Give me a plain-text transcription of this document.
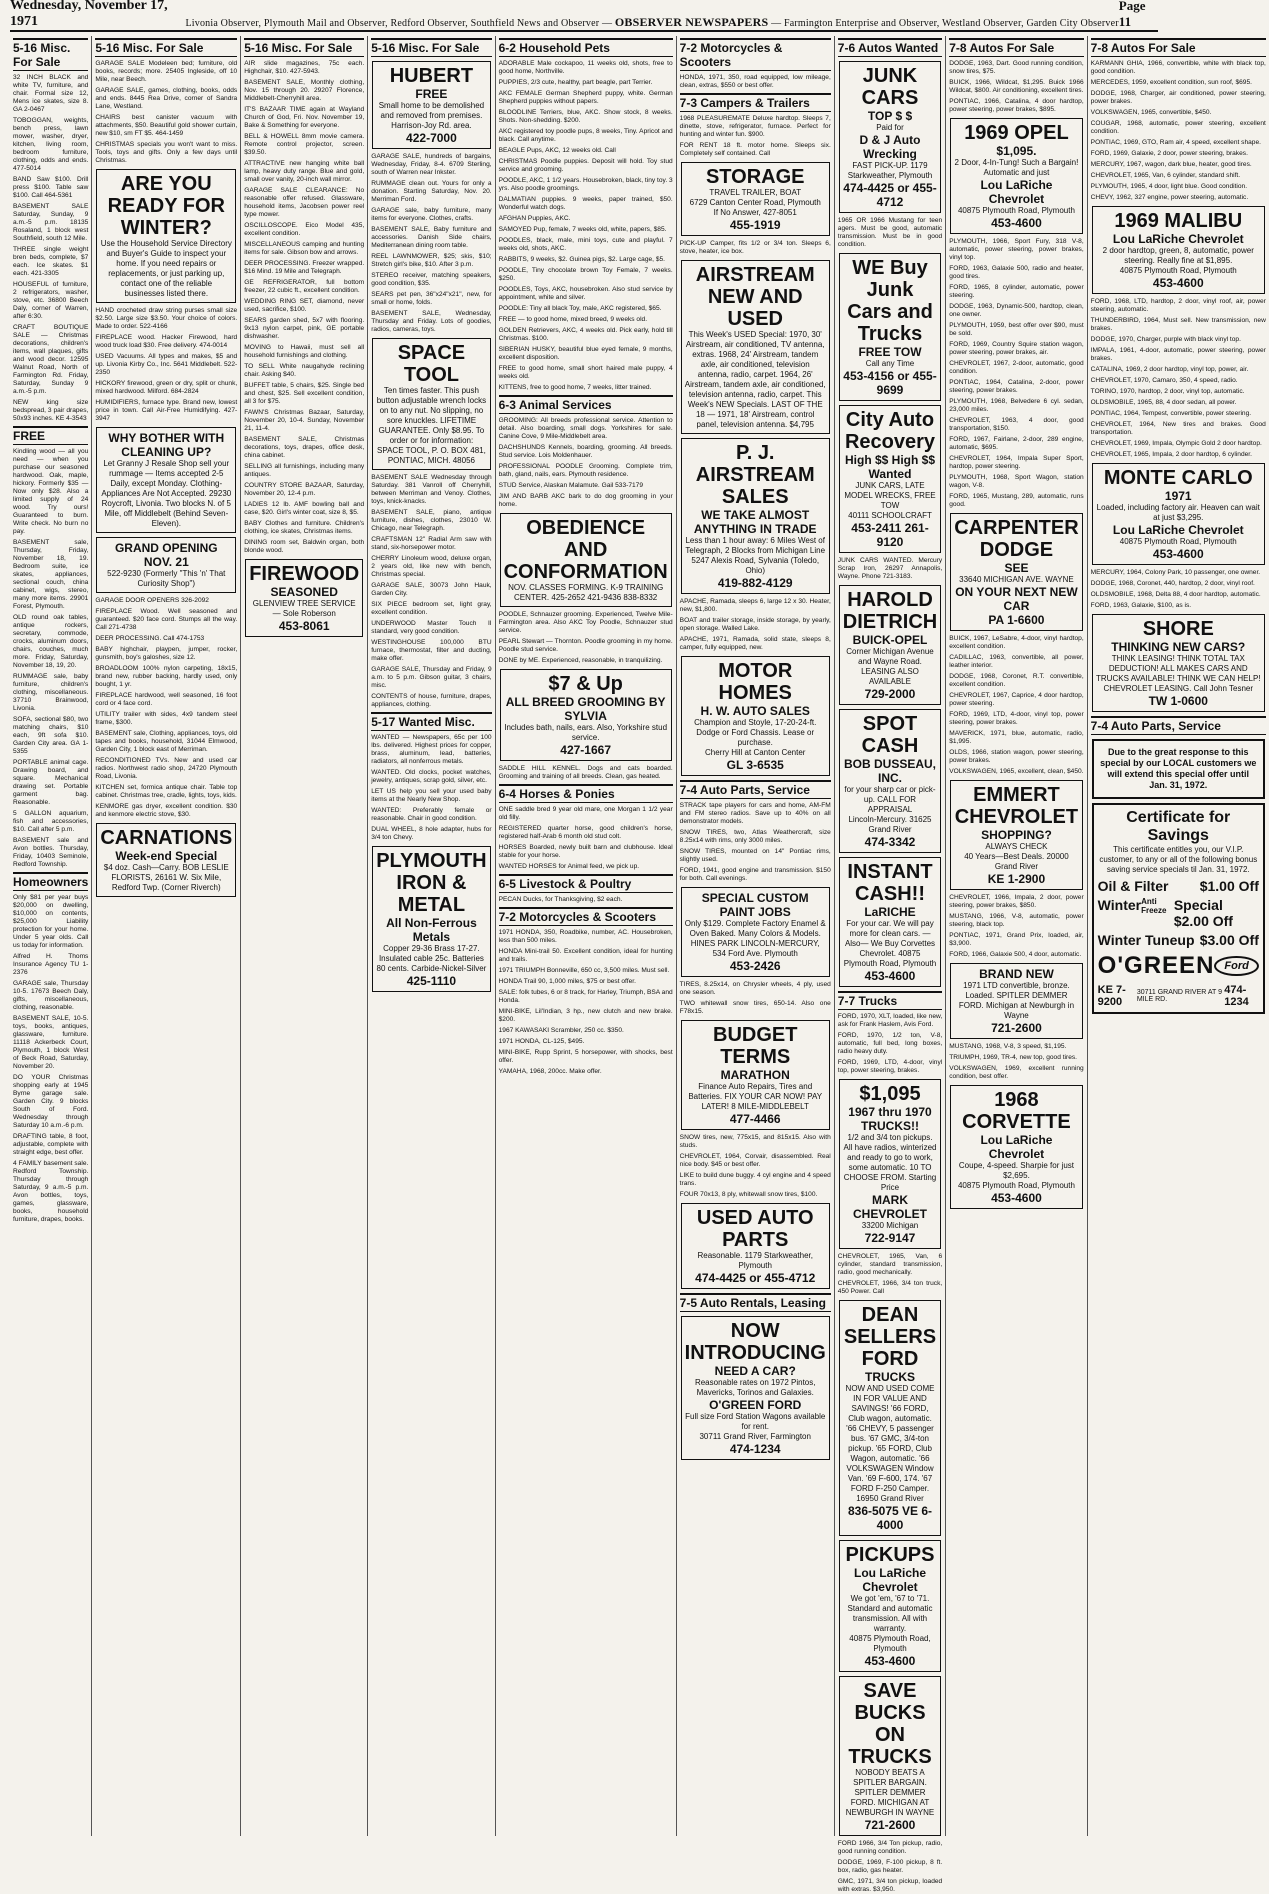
Wednesday, November 17, 1971	Livonia Observer, Plymouth Mail and Observer, Redford Observer, Southfield News and Observer — OBSERVER NEWSPAPERS — Farmington Enterprise and Observer, Westland Observer, Garden City Observer
Page 11
5-16 Misc. For Sale

32 INCH BLACK and white TV, furniture, and chair. Formal size 12, Mens ice skates, size 8. GA 2-0467

TOBOGGAN, weights, bench press, lawn mower, washer, dryer, kitchen, living room, bedroom furniture, clothing, odds and ends. 477-5014

BAND Saw $100. Drill press $100. Table saw $100. Call 464-5361

BASEMENT SALE Saturday, Sunday, 9 a.m.-5 p.m. 18135 Rosaland, 1 block west Southfield, south 12 Mile.

THREE single weight bren beds, complete, $7 each. Ice skates. $1 each. 421-3305

HOUSEFUL of furniture, 2 refrigerators, washer, stove, etc. 36800 Beech Daly, corner of Warren, after 6:30.

CRAFT BOUTIQUE SALE — Christmas decorations, children's items, wall plaques, gifts and wood decor. 12595 Walnut Road, North of Farmington Rd. Friday, Saturday, Sunday 9 a.m.-5 p.m.

NEW king size bedspread, 3 pair drapes, 50x93 inches. KE 4-3543

FREE

Kindling wood — all you need — when you purchase our seasoned hardwood. Oak, maple, hickory. Formerly $35 — Now only $28. Also a limited supply of 24 wood. Try ours! Guaranteed to burn. Write check. No burn no pay.

BASEMENT sale, Thursday, Friday, November 18, 19. Bedroom suite, ice skates, appliances, sectional couch, china cabinet, wigs, stereo, many more items. 29901 Forest, Plymouth.

OLD round oak tables, antique rockers, secretary, commode, crocks, aluminum doors, chairs, couches, much more. Friday, Saturday, November 18, 19, 20.

RUMMAGE sale, baby furniture, children's clothing, miscellaneous. 37710 Brainwood, Livonia.

SOFA, sectional $80, two matching chairs, $10 each, 9ft sofa $10. Garden City area. GA 1-5355

PORTABLE animal cage. Drawing board, and square. Mechanical drawing set. Portable garment bag. Reasonable.

5 GALLON aquarium, fish and accessories, $10. Call after 5 p.m.

BASEMENT sale and Avon bottles. Thursday, Friday, 10403 Seminole, Redford Township.

Homeowners

Only $81 per year buys $20,000 on dwelling, $10,000 on contents, $25,000 Liability protection for your home. Under 5 year olds. Call us today for information.

Alfred H. Thoms Insurance Agency TU 1-2376

GARAGE sale, Thursday 10-5. 17673 Beech Daly, gifts, miscellaneous, clothing, reasonable.

BASEMENT SALE, 10-5. toys, books, antiques, glassware, furniture. 11118 Ackerbeck Court, Plymouth, 1 block West of Beck Road, Saturday, November 20.

DO YOUR Christmas shopping early at 1945 Byrne garage sale. Garden City. 9 blocks South of Ford. Wednesday through Saturday 10 a.m.-6 p.m.

DRAFTING table, 8 foot, adjustable, complete with straight edge, best offer.

4 FAMILY basement sale. Redford Township. Thursday through Saturday, 9 a.m.-5 p.m. Avon bottles, toys, games, glassware, books, household furniture, drapes, books.

5-16 Misc. For Sale

GARAGE SALE Modeleen bed; furniture, old books, records; more. 25405 Ingleside, off 10 Mile, near Beech.

GARAGE SALE, games, clothing, books, odds and ends. 8445 Rea Drive, corner of Sandra Lane, Westland.

CHAIRS best canister vacuum with attachments, $50. Beautiful gold shower curtain, new $10, sm FT $5. 464-1459

CHRISTMAS specials you won't want to miss. Tools, toys and gifts. Only a few days until Christmas.

ARE YOU READY FOR WINTER?
Use the Household Service Directory and Buyer's Guide to inspect your home. If you need repairs or replacements, or just parking up, contact one of the reliable businesses listed there.

HAND crocheted draw string purses small size $2.50. Large size $3.50. Your choice of colors. Made to order. 522-4166

FIREPLACE wood. Hacker Firewood, hard wood truck load $30. Free delivery. 474-0014

USED Vacuums. All types and makes, $5 and up. Livonia Kirby Co., Inc. 5641 Middlebelt. 522-2350

HICKORY firewood, green or dry, split or chunk, mixed hardwood. Milford. 684-2824

HUMIDIFIERS, furnace type. Brand new, lowest price in town. Call Air-Free Humidifying. 427-3947

WHY BOTHER WITH CLEANING UP?
Let Granny J Resale Shop sell your rummage — Items accepted 2-5 Daily, except Monday. Clothing-Appliances Are Not Accepted. 29230 Roycroft, Livonia. Two blocks N. of 5 Mile, off Middlebelt (Behind Seven-Eleven).
GRAND OPENING NOV. 21
522-9230 (Formerly "This 'n' That Curiosity Shop")

GARAGE DOOR OPENERS 326-2092

FIREPLACE Wood. Well seasoned and guaranteed. $20 face cord. Stumps all the way. Call 271-4738

DEER PROCESSING. Call 474-1753

BABY highchair, playpen, jumper, rocker, gunsmith, boy's galoshes, size 12.

BROADLOOM 100% nylon carpeting, 18x15, brand new, rubber backing, hardly used, only bought, 1 yr.

FIREPLACE hardwood, well seasoned, 16 foot cord or 4 face cord.

UTILITY trailer with sides, 4x9 tandem steel frame, $300.

BASEMENT sale, Clothing, appliances, toys, old tapes and books, household, 31044 Elmwood, Garden City, 1 block east of Merriman.

RECONDITIONED TVs. New and used car radios. Northwest radio shop, 24720 Plymouth Road, Livonia.

KITCHEN set, formica antique chair. Table top cabinet. Christmas tree, cradle, lights, toys, kids.

KENMORE gas dryer, excellent condition. $30 and kenmore electric stove, $30.

CARNATIONS
Week-end Special
$4 doz. Cash—Carry. BOB LESLIE FLORISTS, 26161 W. Six Mile, Redford Twp. (Corner Riverch)
5-16 Misc. For Sale

AIR slide magazines, 75c each. Highchair, $10. 427-5943.

BASEMENT SALE, Monthly clothing, Nov. 15 through 20. 29207 Florence, Middlebelt-Cherryhill area.

IT'S BAZAAR TIME again at Wayland Church of God, Fri. Nov. November 19, Bake & Something for everyone.

BELL & HOWELL 8mm movie camera. Remote control projector, screen. $39.50.

ATTRACTIVE new hanging white ball lamp, heavy duty range. Blue and gold, small over vanity, 20-inch wall mirror.

GARAGE SALE CLEARANCE: No reasonable offer refused. Glassware, household items, Jacobsen power reel type mower.

OSCILLOSCOPE. Eico Model 435, excellent condition.

MISCELLANEOUS camping and hunting items for sale. Gibson bow and arrows.

DEER PROCESSING. Freezer wrapped. $16 Mind. 19 Mile and Telegraph.

GE REFRIGERATOR, full bottom freezer, 22 cubic ft., excellent condition.

WEDDING RING SET, diamond, never used, sacrifice, $100.

SEARS garden shed, 5x7 with flooring. 9x13 nylon carpet, pink, GE portable dishwasher.

MOVING to Hawaii, must sell all household furnishings and clothing.

TO SELL White naugahyde reclining chair. Asking $40.

BUFFET table, 5 chairs, $25. Single bed and chest, $25. Sell excellent condition, all 3 for $75.

FAWN'S Christmas Bazaar, Saturday, November 20, 10-4. Sunday, November 21, 11-4.

BASEMENT SALE, Christmas decorations, toys, drapes, office desk, china cabinet.

SELLING all furnishings, including many antiques.

COUNTRY STORE BAZAAR, Saturday, November 20, 12-4 p.m.

LADIES 12 lb. AMF bowling ball and case, $20. Girl's winter coat, size 8, $5.

BABY Clothes and furniture. Children's clothing, ice skates, Christmas items.

DINING room set, Baldwin organ, both blonde wood.

FIREWOOD
SEASONED
GLENVIEW TREE SERVICE — Sole Roberson
453-8061
5-16 Misc. For Sale
HUBERT
FREE
Small home to be demolished and removed from premises. Harrison-Joy Rd. area.
422-7000

GARAGE SALE, hundreds of bargains, Wednesday, Friday, 8-4. 6709 Sterling, south of Warren near Inkster.

RUMMAGE clean out. Yours for only a donation. Starting Saturday, Nov. 20. Merriman Ford.

GARAGE sale, baby furniture, many items for everyone. Clothes, crafts.

BASEMENT SALE, Baby furniture and accessories. Danish Side chairs, Mediterranean dining room table.

REEL LAWNMOWER, $25; skis, $10; Stretch girl's bike, $10. After 3 p.m.

STEREO receiver, matching speakers, good condition, $35.

SEARS pet pen, 36"x24"x21", new, for small or home, folds.

BASEMENT SALE, Wednesday, Thursday and Friday. Lots of goodies, radios, cameras, toys.

SPACE TOOL
Ten times faster. This push button adjustable wrench locks on to any nut. No slipping, no sore knuckles. LIFETIME GUARANTEE. Only $8.95. To order or for information: SPACE TOOL, P. O. BOX 481, PONTIAC, MICH. 48056

BASEMENT SALE Wednesday through Saturday. 381 Vanroll off Cherryhill, between Merriman and Venoy. Clothes, toys, knick-knacks.

BASEMENT SALE, piano, antique furniture, dishes, clothes, 23010 W. Chicago, near Telegraph.

CRAFTSMAN 12" Radial Arm saw with stand, six-horsepower motor.

CHERRY Linoleum wood, deluxe organ, 2 years old, like new with bench, Christmas special.

GARAGE SALE, 30073 John Hauk, Garden City.

SIX PIECE bedroom set, light gray, excellent condition.

UNDERWOOD Master Touch II standard, very good condition.

WESTINGHOUSE 100,000 BTU furnace, thermostat, filter and ducting, make offer.

GARAGE SALE, Thursday and Friday, 9 a.m. to 5 p.m. Gibson guitar, 3 chairs, misc.

CONTENTS of house, furniture, drapes, appliances, clothing.

5-17 Wanted Misc.

WANTED — Newspapers, 65c per 100 lbs. delivered. Highest prices for copper, brass, aluminum, lead, batteries, radiators, all nonferrous metals.

WANTED. Old clocks, pocket watches, jewelry, antiques, scrap gold, silver, etc.

LET US help you sell your used baby items at the Nearly New Shop.

WANTED: Preferably female or reasonable. Chair in good condition.

DUAL WHEEL, 8 hole adapter, hubs for 3/4 ton Chevy.

PLYMOUTH IRON & METAL
All Non-Ferrous Metals
Copper 29-36 Brass 17-27. Insulated cable 25c. Batteries 80 cents. Carbide-Nickel-Silver
425-1110
6-2 Household Pets

ADORABLE Male cockapoo, 11 weeks old, shots, free to good home, Northville.

PUPPIES, 2/3 cute, healthy, part beagle, part Terrier.

AKC FEMALE German Shepherd puppy, white. German Shepherd puppies without papers.

BLOODLINE Terriers, blue, AKC. Show stock, 8 weeks. Shots. Non-shedding. $200.

AKC registered toy poodle pups, 8 weeks, Tiny. Apricot and black. Call anytime.

BEAGLE Pups, AKC, 12 weeks old. Call

CHRISTMAS Poodle puppies. Deposit will hold. Toy stud service and grooming.

POODLE, AKC, 1 1/2 years. Housebroken, black, tiny toy. 3 yrs. Also poodle groomings.

DALMATIAN puppies. 9 weeks, paper trained, $50. Wonderful watch dogs.

AFGHAN Puppies, AKC.

SAMOYED Pup, female, 7 weeks old, white, papers, $85.

POODLES, black, male, mini toys, cute and playful. 7 weeks old, shots, AKC.

RABBITS, 9 weeks, $2. Guinea pigs, $2. Large cage, $5.

POODLE, Tiny chocolate brown Toy Female, 7 weeks. $250.

POODLES, Toys, AKC, housebroken. Also stud service by appointment, white and silver.

POODLE: Tiny all black Toy, male, AKC registered, $65.

FREE — to good home, mixed breed, 9 weeks old.

GOLDEN Retrievers, AKC, 4 weeks old. Pick early, hold till Christmas. $100.

SIBERIAN HUSKY, beautiful blue eyed female, 9 months, excellent disposition.

FREE to good home, small short haired male puppy, 4 weeks old.

KITTENS, free to good home, 7 weeks, litter trained.

6-3 Animal Services

GROOMING: All breeds professional service. Attention to detail. Also boarding, small dogs. Yorkshires for sale. Canine Cove, 9 Mile-Middlebelt area.

DACHSHUNDS Kennels, boarding, grooming. All breeds. Stud service. Lois Moldenhauer.

PROFESSIONAL POODLE Grooming. Complete trim, bath, gland, nails, ears. Plymouth residence.

STUD Service, Alaskan Malamute. Gail 533-7179

JIM AND BARB AKC bark to do dog grooming in your home.

OBEDIENCE AND CONFORMATION
NOV. CLASSES FORMING. K-9 TRAINING CENTER. 425-2652 421-9436 838-8332

POODLE, Schnauzer grooming. Experienced, Twelve Mile-Farmington area. Also AKC Toy Poodle, Schnauzer stud service.

PEARL Stewart — Thornton. Poodle grooming in my home. Poodle stud service.

DONE by ME. Experienced, reasonable, in tranquilizing.

$7 & Up
ALL BREED GROOMING BY SYLVIA
Includes bath, nails, ears. Also, Yorkshire stud service.
427-1667

SADDLE HILL KENNEL. Dogs and cats boarded. Grooming and training of all breeds. Clean, gas heated.

6-4 Horses & Ponies

ONE saddle bred 9 year old mare, one Morgan 1 1/2 year old filly.

REGISTERED quarter horse, good children's horse, registered half-Arab 6 month old stud colt.

HORSES Boarded, newly built barn and clubhouse. Ideal stable for your horse.

WANTED HORSES for Animal feed, we pick up.

6-5 Livestock & Poultry

PECAN Ducks, for Thanksgiving, $2 each.

7-2 Motorcycles & Scooters

1971 HONDA, 350, Roadbike, number, AC. Housebroken, less than 500 miles.

HONDA Mini-trail 50. Excellent condition, ideal for hunting and trails.

1971 TRIUMPH Bonneville, 650 cc, 3,500 miles. Must sell.

HONDA Trail 90, 1,000 miles, $75 or best offer.

SALE: folk tubes, 6 or 8 track, for Harley, Triumph, BSA and Honda.

MINI-BIKE, Lil'Indian, 3 hp., new clutch and new brake. $200.

1967 KAWASAKI Scrambler, 250 cc. $350.

1971 HONDA, CL-125, $495.

MINI-BIKE, Rupp Sprint, 5 horsepower, with shocks, best offer.

YAMAHA, 1968, 200cc. Make offer.

7-2 Motorcycles & Scooters

HONDA, 1971, 350, road equipped, low mileage, clean, extras, $550 or best offer.

7-3 Campers & Trailers

1968 PLEASUREMATE Deluxe hardtop. Sleeps 7, dinette, stove, refrigerator, furnace. Perfect for hunting and winter fun. $900.

FOR RENT 18 ft. motor home. Sleeps six. Completely self contained. Call

STORAGE
TRAVEL TRAILER, BOAT
6729 Canton Center Road, Plymouth
If No Answer, 427-8051
455-1919

PICK-UP Camper, fits 1/2 or 3/4 ton. Sleeps 6, stove, heater, ice box.

AIRSTREAM NEW AND USED
This Week's USED Special: 1970, 30' Airstream, air conditioned, TV antenna, extras. 1968, 24' Airstream, tandem axle, air conditioned, television antenna, radio, carpet. 1964, 26' Airstream, tandem axle, air conditioned, television antenna, radio, carpet. This Week's NEW Specials. LAST OF THE 18 — 1971, 18' Airstream, control panel, television antenna. $4,795
P. J. AIRSTREAM SALES
WE TAKE ALMOST ANYTHING IN TRADE
Less than 1 hour away: 6 Miles West of Telegraph, 2 Blocks from Michigan Line
5247 Alexis Road, Sylvania (Toledo, Ohio)
419-882-4129

APACHE, Ramada, sleeps 6, large 12 x 30. Heater, new, $1,800.

BOAT and trailer storage, inside storage, by yearly, open storage. Walled Lake.

APACHE, 1971, Ramada, solid state, sleeps 8, camper, fully equipped, new.

MOTOR HOMES
H. W. AUTO SALES
Champion and Stoyle, 17-20-24-ft. Dodge or Ford Chassis. Lease or purchase.
Cherry Hill at Canton Center
GL 3-6535
7-4 Auto Parts, Service

STRACK tape players for cars and home, AM-FM and FM stereo radios. Save up to 40% on all demonstrator models.

SNOW TIRES, two, Atlas Weathercraft, size 8.25x14 with rims, only 3000 miles.

SNOW TIRES, mounted on 14" Pontiac rims, slightly used.

FORD, 1941, good engine and transmission. $150 for both. Call evenings.

SPECIAL CUSTOM PAINT JOBS
Only $129. Complete Factory Enamel & Oven Baked. Many Colors & Models. HINES PARK LINCOLN-MERCURY, 534 Ford Ave. Plymouth
453-2426

TIRES, 8.25x14, on Chrysler wheels, 4 ply, used one season.

TWO whitewall snow tires, 650-14. Also one F78x15.

BUDGET TERMS
MARATHON
Finance Auto Repairs, Tires and Batteries. FIX YOUR CAR NOW! PAY LATER! 8 MILE-MIDDLEBELT
477-4466

SNOW tires, new, 775x15, and 815x15. Also with studs.

CHEVROLET, 1964, Corvair, disassembled. Real nice body. $45 or best offer.

LIKE to build dune buggy. 4 cyl engine and 4 speed trans.

FOUR 70x13, 8 ply, whitewall snow tires, $100.

USED AUTO PARTS
Reasonable. 1179 Starkweather, Plymouth
474-4425 or 455-4712
7-5 Auto Rentals, Leasing
NOW INTRODUCING
NEED A CAR?
Reasonable rates on 1972 Pintos, Mavericks, Torinos and Galaxies.
O'GREEN FORD
Full size Ford Station Wagons available for rent.
30711 Grand River, Farmington
474-1234
7-6 Autos Wanted
JUNK CARS
TOP $ $
Paid for
D & J Auto Wrecking
FAST PICK-UP. 1179 Starkweather, Plymouth
474-4425 or 455-4712

1965 OR 1966 Mustang for teen agers. Must be good, automatic transmission. Must be in good condition.

WE Buy Junk Cars and Trucks
FREE TOW
Call any Time
453-4156 or 455-9699
City Auto Recovery
High $$ High $$ Wanted
JUNK CARS, LATE MODEL WRECKS, FREE TOW
40111 SCHOOLCRAFT
453-2411 261-9120

JUNK CARS WANTED. Mercury Scrap Iron, 26297 Annapolis, Wayne. Phone 721-3183.

HAROLD DIETRICH
BUICK-OPEL
Corner Michigan Avenue and Wayne Road. LEASING ALSO AVAILABLE
729-2000
SPOT CASH
BOB DUSSEAU, INC.
for your sharp car or pick-up. CALL FOR APPRAISAL
Lincoln-Mercury. 31625 Grand River
474-3342
INSTANT CASH!!
LaRICHE
For your car. We will pay more for clean cars. —Also— We Buy Corvettes
Chevrolet. 40875 Plymouth Road, Plymouth
453-4600
7-7 Trucks

FORD, 1970, XLT, loaded, like new, ask for Frank Haslem, Avis Ford.

FORD, 1970, 1/2 ton, V-8, automatic, full bed, long boxes, radio heavy duty.

FORD, 1969, LTD, 4-door, vinyl top, power steering, brakes.

$1,095
1967 thru 1970 TRUCKS!!
1/2 and 3/4 ton pickups. All have radios, winterized and ready to go to work, some automatic. 10 TO CHOOSE FROM. Starting Price
MARK CHEVROLET
33200 Michigan
722-9147

CHEVROLET, 1965, Van, 6 cylinder, standard transmission, radio, good mechanically.

CHEVROLET, 1966, 3/4 ton truck, 450 Power. Call

DEAN SELLERS FORD
TRUCKS
NOW AND USED COME IN FOR VALUE AND SAVINGS! '66 FORD, Club wagon, automatic. '66 CHEVY, 5 passenger bus. '67 GMC, 3/4-ton pickup. '65 FORD, Club Wagon, automatic. '66 VOLKSWAGEN Window Van. '69 F-600, 174. '67 FORD F-250 Camper.
16950 Grand River
836-5075 VE 6-4000
PICKUPS
Lou LaRiche Chevrolet
We got 'em, '67 to '71. Standard and automatic transmission. All with warranty.
40875 Plymouth Road, Plymouth
453-4600
SAVE BUCKS ON TRUCKS
NOBODY BEATS A SPITLER BARGAIN. SPITLER DEMMER FORD. MICHIGAN AT NEWBURGH IN WAYNE
721-2600

FORD 1966, 3/4 Ton pickup, radio, good running condition.

DODGE, 1969, F-100 pickup, 8 ft. box, radio, gas heater.

GMC, 1971, 3/4 ton pickup, loaded with extras. $3,950.

7-8 Autos For Sale

DODGE, 1963, Dart. Good running condition, snow tires, $75.

BUICK, 1966, Wildcat, $1,295. Buick 1966 Wildcat, $800. Air conditioning, excellent tires.

PONTIAC, 1966, Catalina, 4 door hardtop, power steering, power brakes, $895.

1969 OPEL
$1,095.
2 Door, 4-In-Tung! Such a Bargain! Automatic and just
Lou LaRiche Chevrolet
40875 Plymouth Road, Plymouth
453-4600

PLYMOUTH, 1966, Sport Fury, 318 V-8, automatic, power steering, power brakes, vinyl top.

FORD, 1963, Galaxie 500, radio and heater, good tires.

FORD, 1965, 8 cylinder, automatic, power steering.

DODGE, 1963, Dynamic-500, hardtop, clean, one owner.

PLYMOUTH, 1959, best offer over $90, must be sold.

FORD, 1969, Country Squire station wagon, power steering, power brakes, air.

CHEVROLET, 1967, 2-door, automatic, good condition.

PONTIAC, 1964, Catalina, 2-door, power steering, power brakes.

PLYMOUTH, 1968, Belvedere 6 cyl. sedan, 23,000 miles.

CHEVROLET, 1963, 4 door, good transportation, $150.

FORD, 1967, Fairlane, 2-door, 289 engine, automatic, $695.

CHEVROLET, 1964, Impala Super Sport, hardtop, power steering.

PLYMOUTH, 1968, Sport Wagon, station wagon, V-8.

FORD, 1965, Mustang, 289, automatic, runs good.

CARPENTER DODGE
SEE
33640 MICHIGAN AVE. WAYNE
ON YOUR NEXT NEW CAR
PA 1-6600

BUICK, 1967, LeSabre, 4-door, vinyl hardtop, excellent condition.

CADILLAC, 1963, convertible, all power, leather interior.

DODGE, 1968, Coronet, R.T. convertible, excellent condition.

CHEVROLET, 1967, Caprice, 4 door hardtop, power steering.

FORD, 1969, LTD, 4-door, vinyl top, power steering, power brakes.

MAVERICK, 1971, blue, automatic, radio, $1,995.

OLDS, 1966, station wagon, power steering, power brakes.

VOLKSWAGEN, 1965, excellent, clean, $450.

EMMERT CHEVROLET
SHOPPING?
ALWAYS CHECK
40 Years—Best Deals. 20000 Grand River
KE 1-2900

CHEVROLET, 1966, Impala, 2 door, power steering, power brakes, $850.

MUSTANG, 1966, V-8, automatic, power steering, black top.

PONTIAC, 1971, Grand Prix, loaded, air, $3,900.

FORD, 1966, Galaxie 500, 4 door, automatic.

BRAND NEW
1971 LTD convertible, bronze. Loaded. SPITLER DEMMER FORD. Michigan at Newburgh in Wayne
721-2600

MUSTANG, 1968, V-8, 3 speed, $1,195.

TRIUMPH, 1969, TR-4, new top, good tires.

VOLKSWAGEN, 1969, excellent running condition, best offer.

1968 CORVETTE
Lou LaRiche Chevrolet
Coupe, 4-speed. Sharpie for just $2,695.
40875 Plymouth Road, Plymouth
453-4600
7-8 Autos For Sale

KARMANN GHIA, 1966, convertible, white with black top, good condition.

MERCEDES, 1959, excellent condition, sun roof, $695.

DODGE, 1968, Charger, air conditioned, power steering, power brakes.

VOLKSWAGEN, 1965, convertible, $450.

COUGAR, 1968, automatic, power steering, excellent condition.

PONTIAC, 1969, GTO, Ram air, 4 speed, excellent shape.

FORD, 1969, Galaxie, 2 door, power steering, brakes.

MERCURY, 1967, wagon, dark blue, heater, good tires.

CHEVROLET, 1965, Van, 6 cylinder, standard shift.

PLYMOUTH, 1965, 4 door, light blue. Good condition.

CHEVY, 1962, 327 engine, power steering, automatic.

1969 MALIBU
Lou LaRiche Chevrolet
2 door hardtop, green, 8, automatic, power steering. Really fine at $1,895.
40875 Plymouth Road, Plymouth
453-4600

FORD, 1968, LTD, hardtop, 2 door, vinyl roof, air, power steering, automatic.

THUNDERBIRD, 1964, Must sell. New transmission, new brakes.

DODGE, 1970, Charger, purple with black vinyl top.

IMPALA, 1961, 4-door, automatic, power steering, power brakes.

CATALINA, 1969, 2 door hardtop, vinyl top, power, air.

CHEVROLET, 1970, Camaro, 350, 4 speed, radio.

TORINO, 1970, hardtop, 2 door, vinyl top, automatic.

OLDSMOBILE, 1965, 88, 4 door sedan, all power.

PONTIAC, 1964, Tempest, convertible, power steering.

CHEVROLET, 1964, New tires and brakes. Good transportation.

CHEVROLET, 1969, Impala, Olympic Gold 2 door hardtop.

CHEVROLET, 1965, Impala, 2 door hardtop, 6 cylinder.

MONTE CARLO
1971
Loaded, including factory air. Heaven can wait at just $3,295.
Lou LaRiche Chevrolet
40875 Plymouth Road, Plymouth
453-4600

MERCURY, 1964, Colony Park, 10 passenger, one owner.

DODGE, 1968, Coronet, 440, hardtop, 2 door, vinyl roof.

OLDSMOBILE, 1968, Delta 88, 4 door hardtop, automatic.

FORD, 1963, Galaxie, $100, as is.

SHORE
THINKING NEW CARS?
THINK LEASING! THINK TOTAL TAX DEDUCTION! ALL MAKES CARS AND TRUCKS AVAILABLE! THINK WE CAN HELP!
CHEVROLET LEASING. Call John Tesner
TW 1-0600
7-4 Auto Parts, Service
Due to the great response to this special by our LOCAL customers we will extend this special offer until Jan. 31, 1972.
Certificate for Savings
This certificate entitles you, our V.I.P. customer, to any or all of the following bonus saving service specials til Jan. 31, 1972.
Oil & Filter $1.00 Off
Winter Anti Freeze Special $2.00 Off
Winter Tuneup $3.00 Off
O'GREEN Ford
KE 7-9200
30711 GRAND RIVER AT 9 MILE RD.
474-1234
